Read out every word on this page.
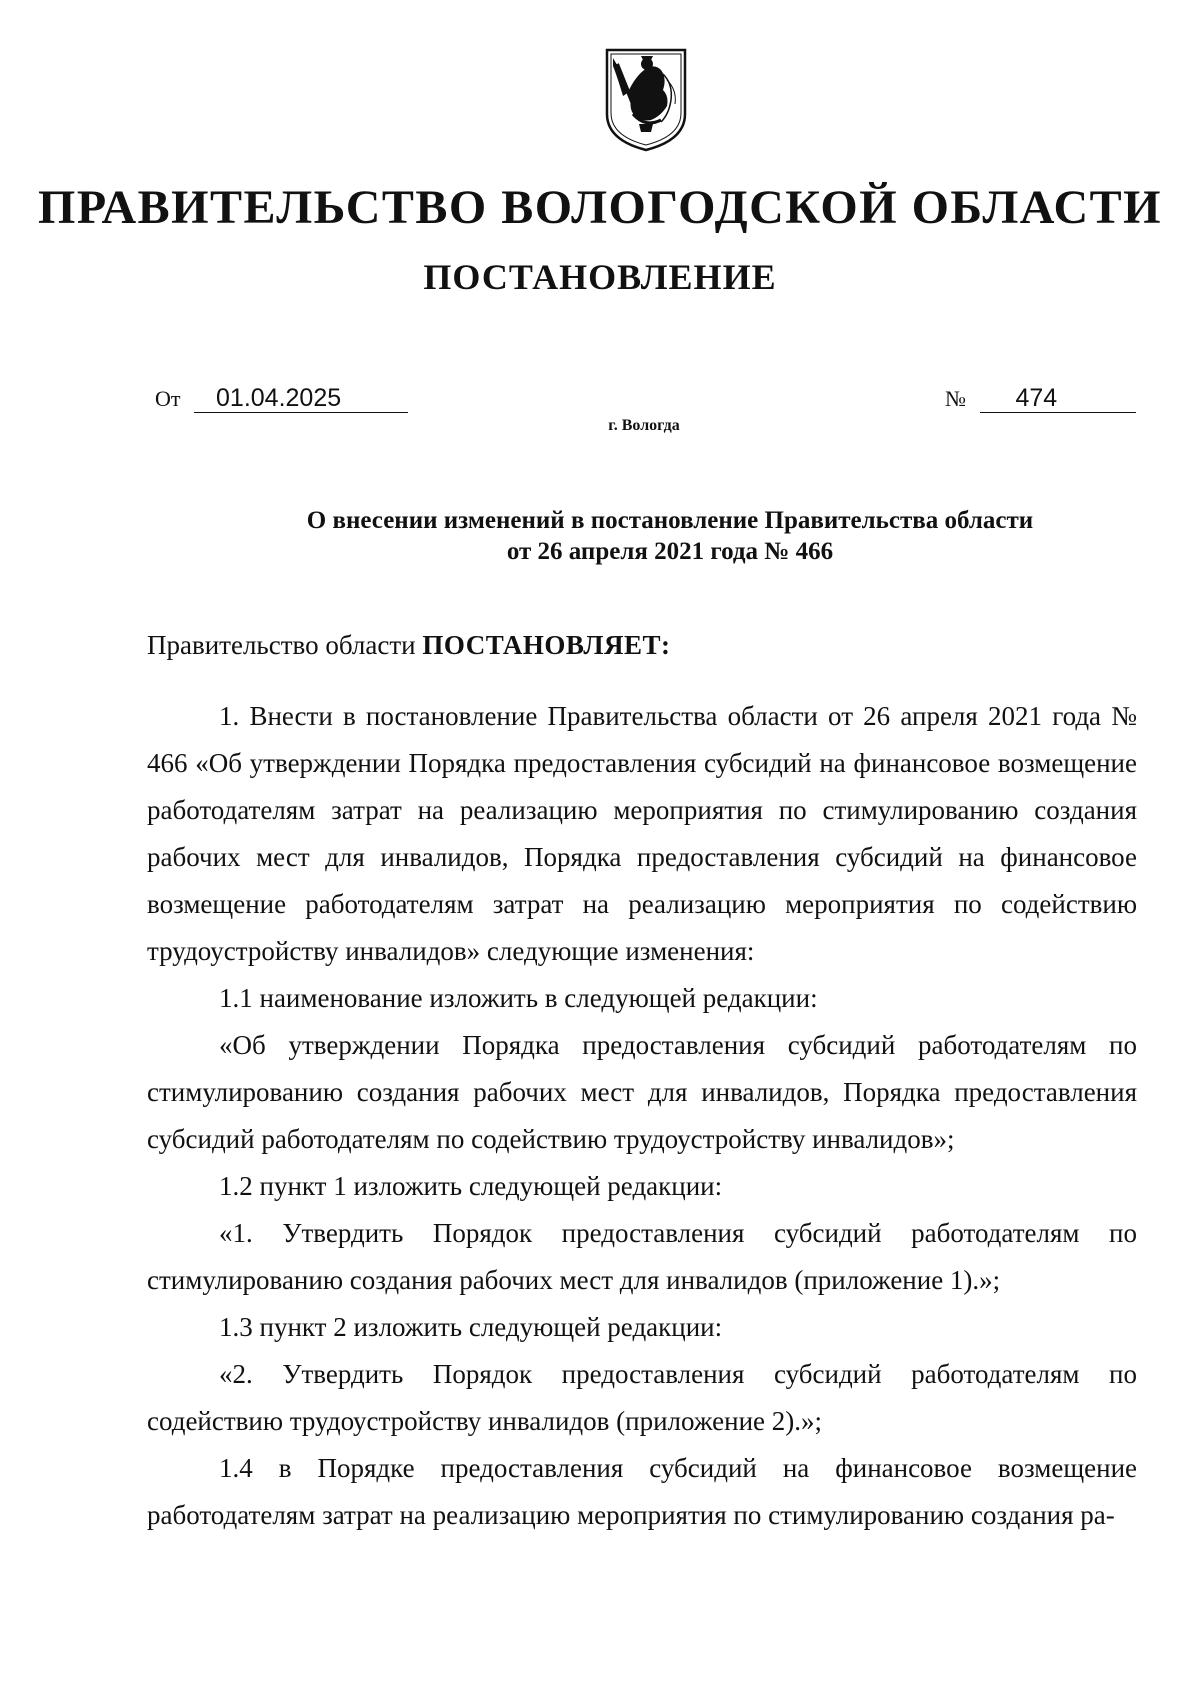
ПРАВИТЕЛЬСТВО ВОЛОГОДСКОЙ ОБЛАСТИ
ПОСТАНОВЛЕНИЕ
От 01.04.2025	№ 474
г. Вологда
О внесении изменений в постановление Правительства области
от 26 апреля 2021 года № 466
Правительство области ПОСТАНОВЛЯЕТ:

1. Внести в постановление Правительства области от 26 апреля 2021 года № 466 «Об утверждении Порядка предоставления субсидий на финансовое возмещение работодателям затрат на реализацию мероприятия по стимулированию создания рабочих мест для инвалидов, Порядка предоставления субсидий на финансовое возмещение работодателям затрат на реализацию мероприятия по содействию трудоустройству инвалидов» следующие изменения:

1.1 наименование изложить в следующей редакции:

«Об утверждении Порядка предоставления субсидий работодателям по стимулированию создания рабочих мест для инвалидов, Порядка предоставления субсидий работодателям по содействию трудоустройству инвалидов»;

1.2 пункт 1 изложить следующей редакции:

«1. Утвердить Порядок предоставления субсидий работодателям по стимулированию создания рабочих мест для инвалидов (приложение 1).»;

1.3 пункт 2 изложить следующей редакции:

«2. Утвердить Порядок предоставления субсидий работодателям по содействию трудоустройству инвалидов (приложение 2).»;

1.4 в Порядке предоставления субсидий на финансовое возмещение работодателям затрат на реализацию мероприятия по стимулированию создания ра-
